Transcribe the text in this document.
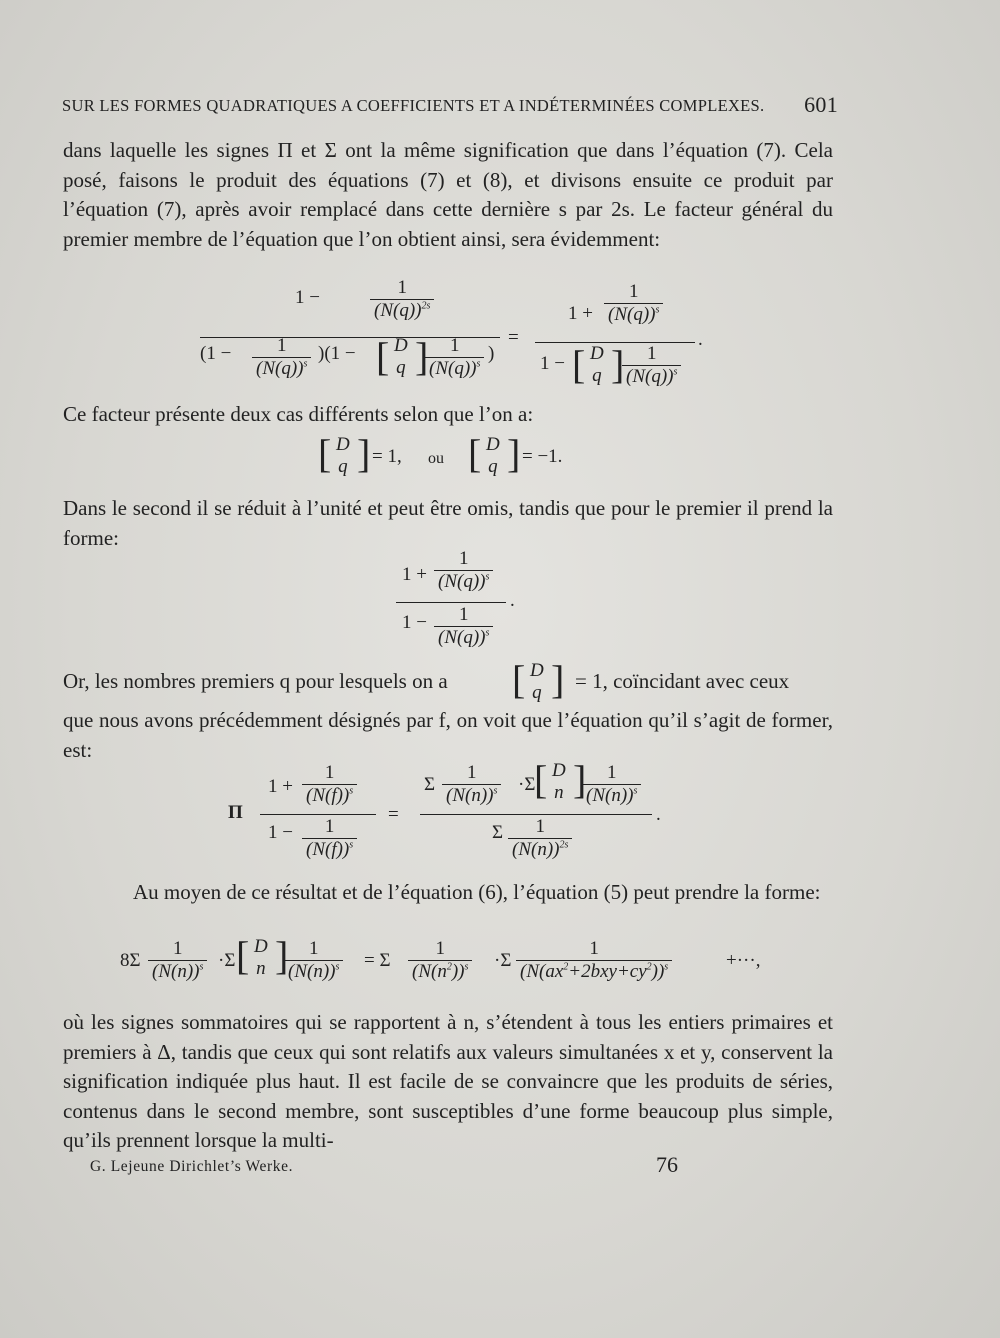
SUR LES FORMES QUADRATIQUES A COEFFICIENTS ET A INDÉTERMINÉES COMPLEXES. 601
dans laquelle les signes Π et Σ ont la même signification que dans l’équation (7). Cela posé, faisons le produit des équations (7) et (8), et divisons ensuite ce produit par l’équation (7), après avoir remplacé dans cette dernière s par 2s. Le facteur général du premier membre de l’équation que l’on obtient ainsi, sera évidemment:
1 −	$\frac{1}{(N(q))^{2s}}$
$(1 - \frac{1}{(N(q))^s} )(1$ − [ D
q ]
$\frac{1}{(N(q))^s}$ )
=
$1 + \frac{1}{(N(q))^s}$
1 − [ D
q ]
$\frac{1}{(N(q))^s}$
.
Ce facteur présente deux cas différents selon que l’on a:
[ D
q ] = 1, ou [ D
q ] = −1.
Dans le second il se réduit à l’unité et peut être omis, tandis que pour le premier il prend la forme:
$1 + \frac{1}{(N(q))^s}$
$1 - \frac{1}{(N(q))^s}$
.
Or, les nombres premiers q pour lesquels on a	[ D
q ] = 1, coïncidant avec ceux
que nous avons précédemment désignés par f, on voit que l’équation qu’il s’agit de former, est:
Π
$1 + \frac{1}{(N(f))^s}$
$1 - \frac{1}{(N(f))^s}$
=
Σ $\frac{1}{(N(n))^s} \cdot\Sigma$
[ D
n ]
$\frac{1}{(N(n))^s}$
Σ $\frac{1}{(N(n))^{2s}}$
.
Au moyen de ce résultat et de l’équation (6), l’équation (5) peut prendre la forme:
$8\Sigma \frac{1}{(N(n))^s} \cdot\Sigma$ [ D
n ]
$\frac{1}{(N(n))^s} = \Sigma \frac{1}{(N(n^2))^s} \cdot\Sigma \frac{1}{(N(ax^2+2bxy+cy^2))^s}$	+···,
où les signes sommatoires qui se rapportent à n, s’étendent à tous les entiers primaires et premiers à Δ, tandis que ceux qui sont relatifs aux valeurs simultanées x et y, conservent la signification indiquée plus haut. Il est facile de se convaincre que les produits de séries, contenus dans le second membre, sont susceptibles d’une forme beaucoup plus simple, qu’ils prennent lorsque la multi-
G. Lejeune Dirichlet’s Werke.	76
